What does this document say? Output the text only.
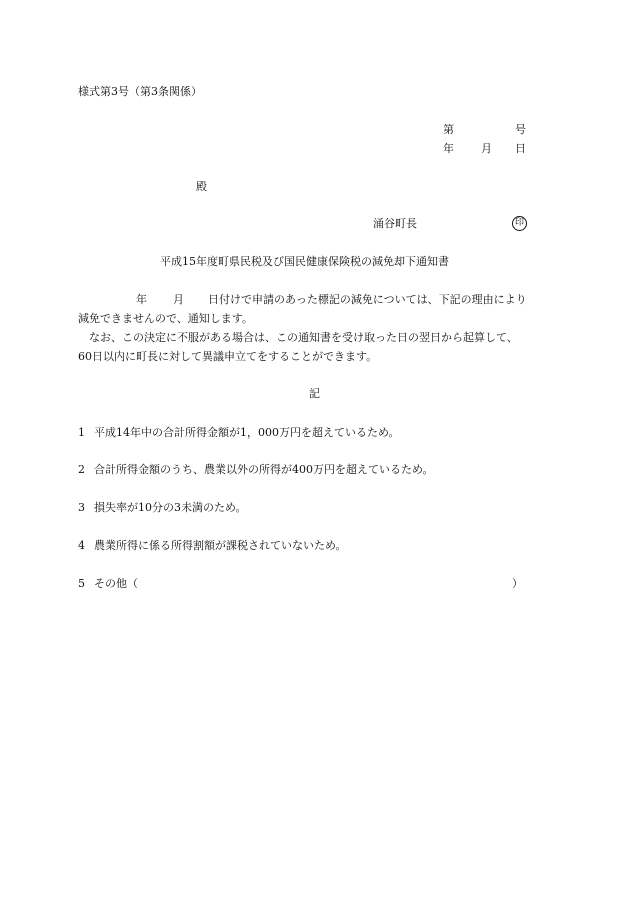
様式第3号（第3条関係）
第	号
年 月 日
殿
涌谷町長	印
平成15年度町県民税及び国民健康保険税の減免却下通知書
年 月 日付けで申請のあった標記の減免については、下記の理由により
減免できませんので、通知します。
なお、この決定に不服がある場合は、この通知書を受け取った日の翌日から起算して、
60日以内に町長に対して異議申立てをすることができます。
記
1 平成14年中の合計所得金額が1，000万円を超えているため。
2 合計所得金額のうち、農業以外の所得が400万円を超えているため。
3 損失率が10分の3未満のため。
4 農業所得に係る所得割額が課税されていないため。
5 その他（	）
